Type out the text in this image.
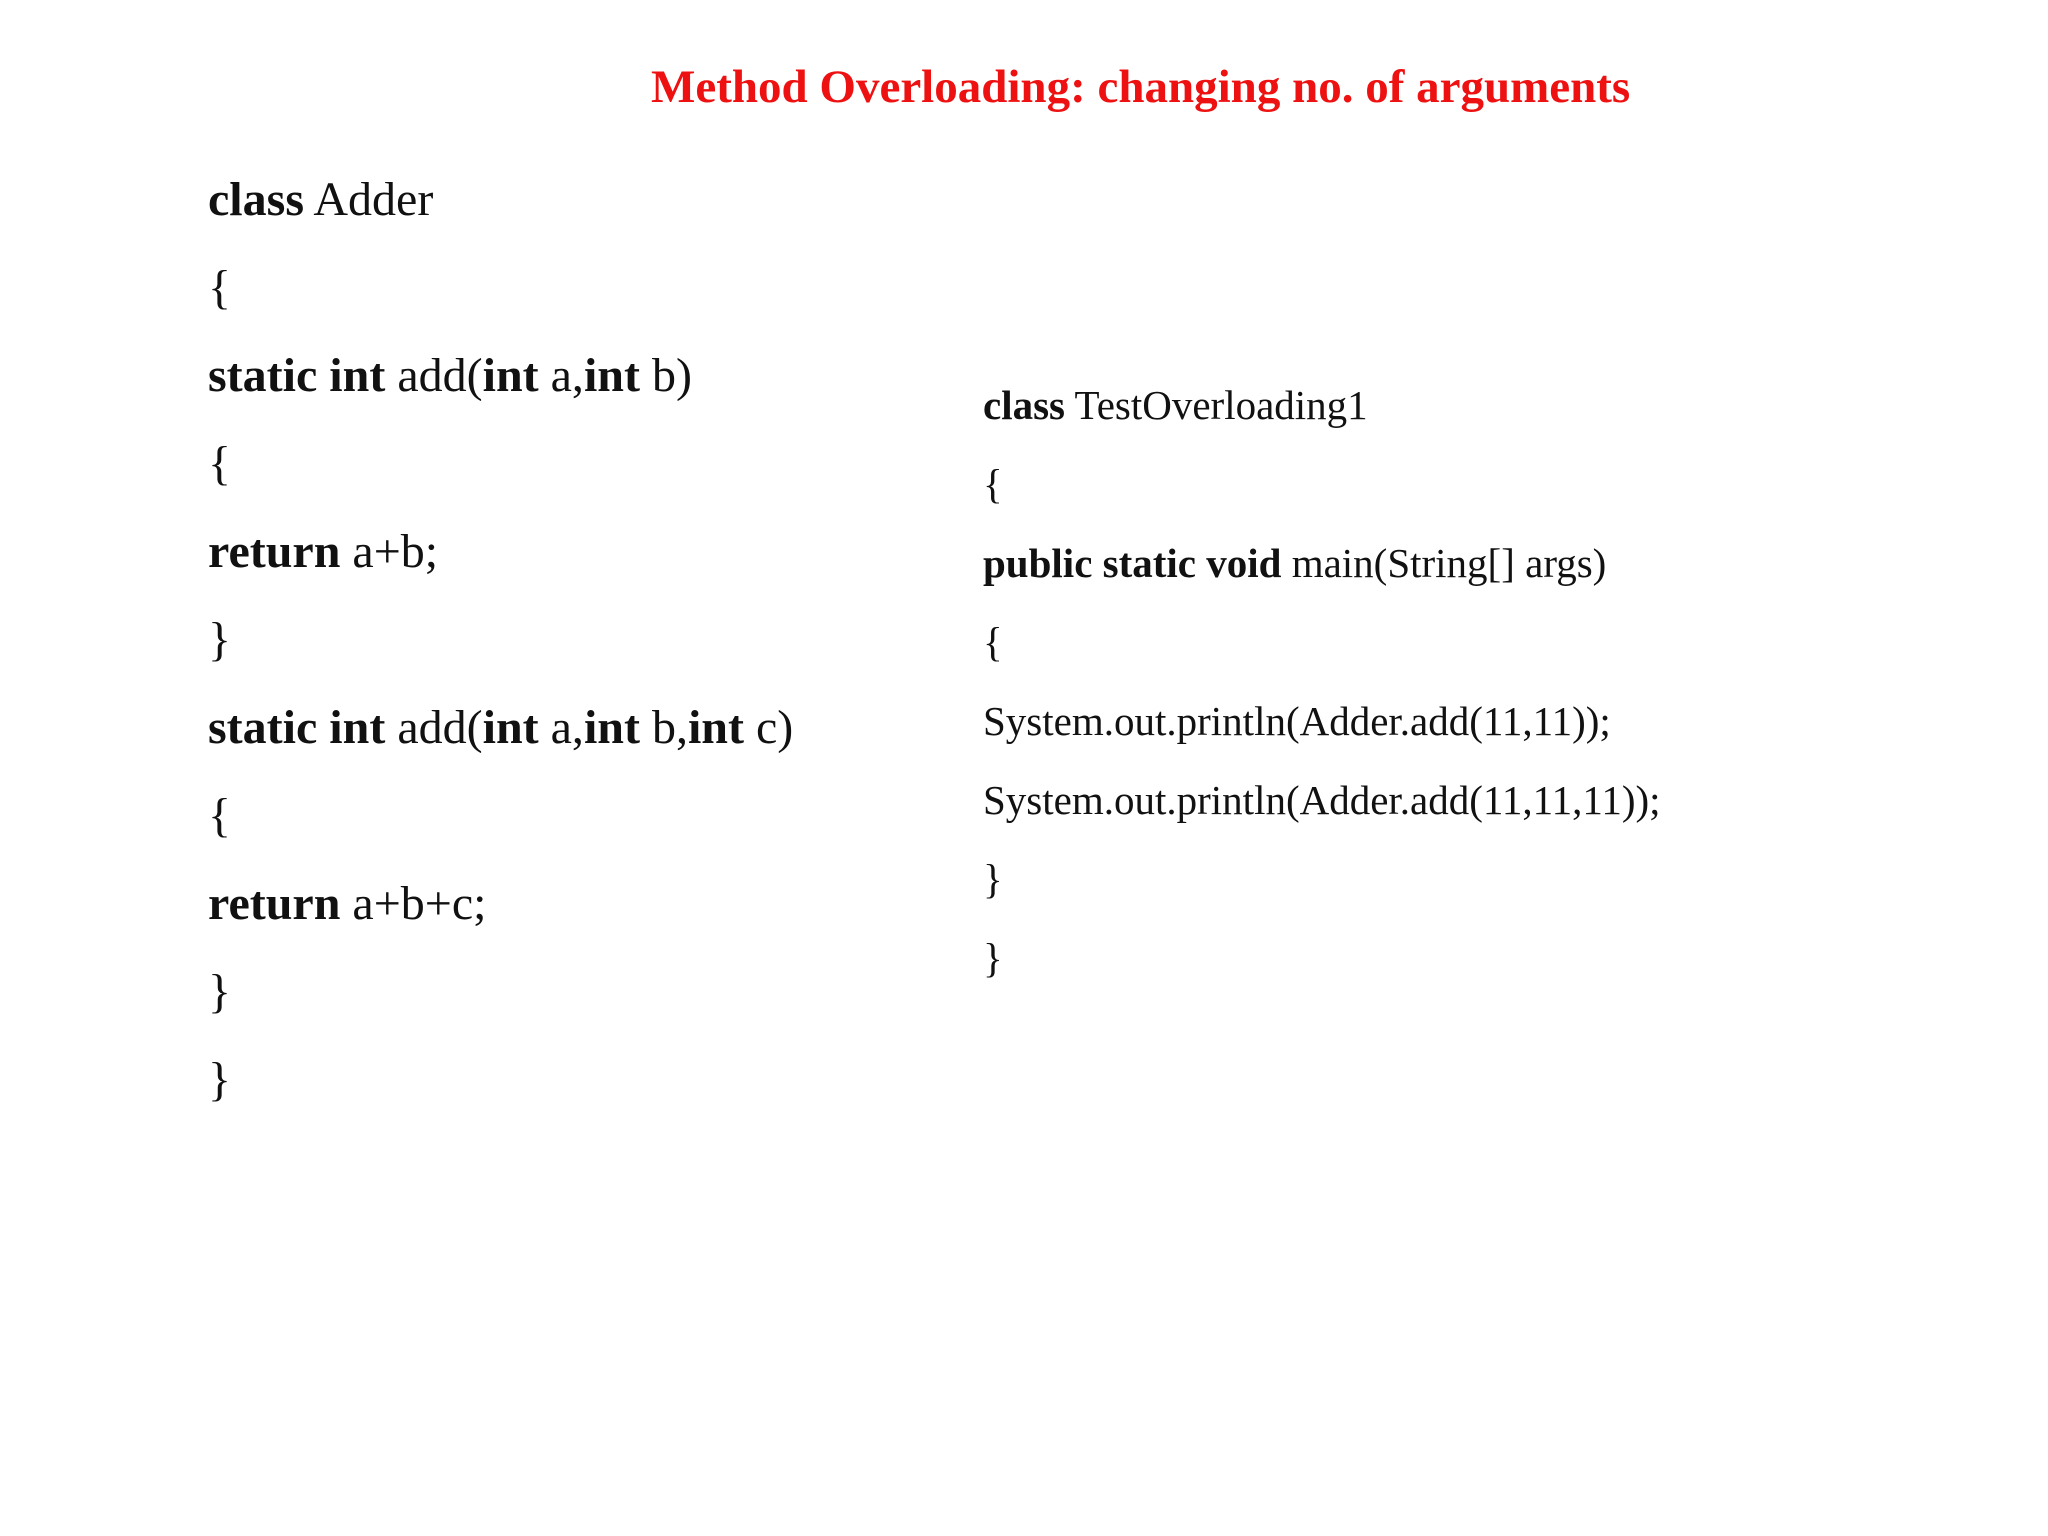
Method Overloading: changing no. of arguments
class Adder
{
static int add(int a,int b)
{
return a+b;
}
static int add(int a,int b,int c)
{
return a+b+c;
}
}
class TestOverloading1
{
public static void main(String[] args)
{
System.out.println(Adder.add(11,11));
System.out.println(Adder.add(11,11,11));
}
}
